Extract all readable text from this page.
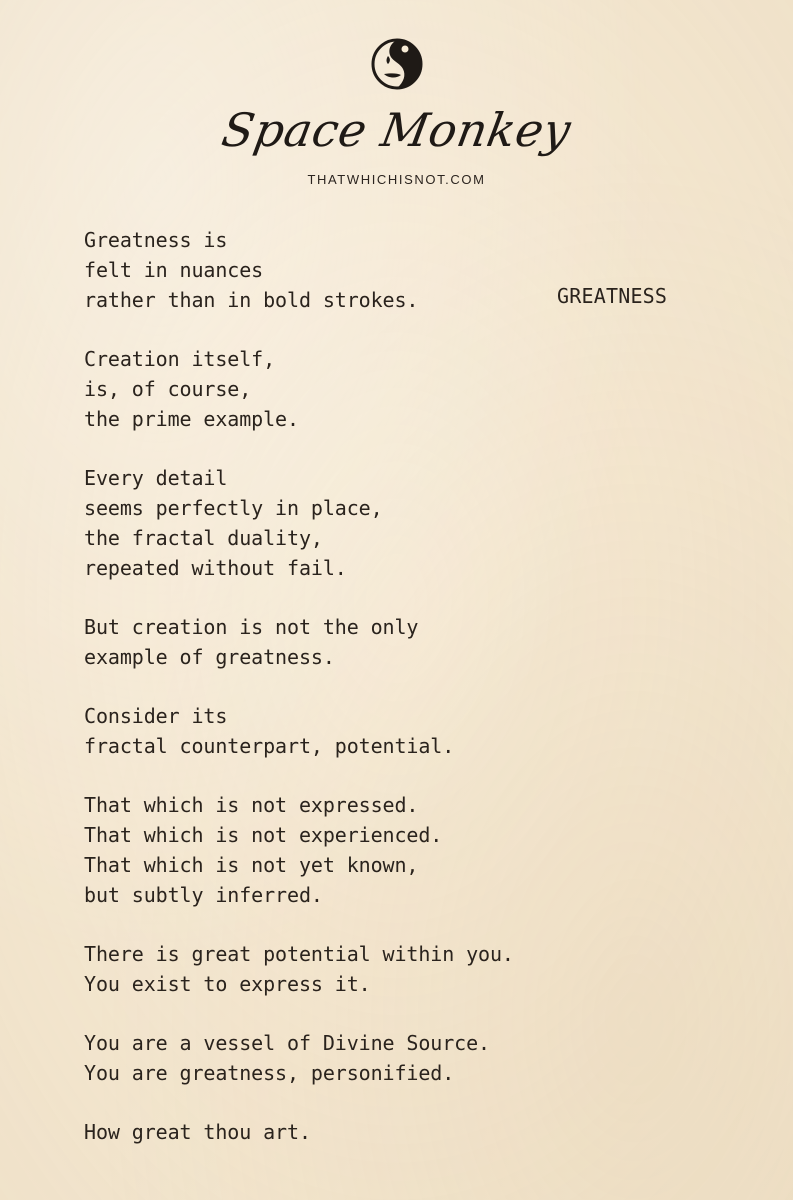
Space Monkey
THATWHICHISNOT.COM
GREATNESS
Greatness is
felt in nuances
rather than in bold strokes.
Creation itself,
is, of course,
the prime example.
Every detail
seems perfectly in place,
the fractal duality,
repeated without fail.
But creation is not the only
example of greatness.
Consider its
fractal counterpart, potential.
That which is not expressed.
That which is not experienced.
That which is not yet known,
but subtly inferred.
There is great potential within you.
You exist to express it.
You are a vessel of Divine Source.
You are greatness, personified.
How great thou art.
